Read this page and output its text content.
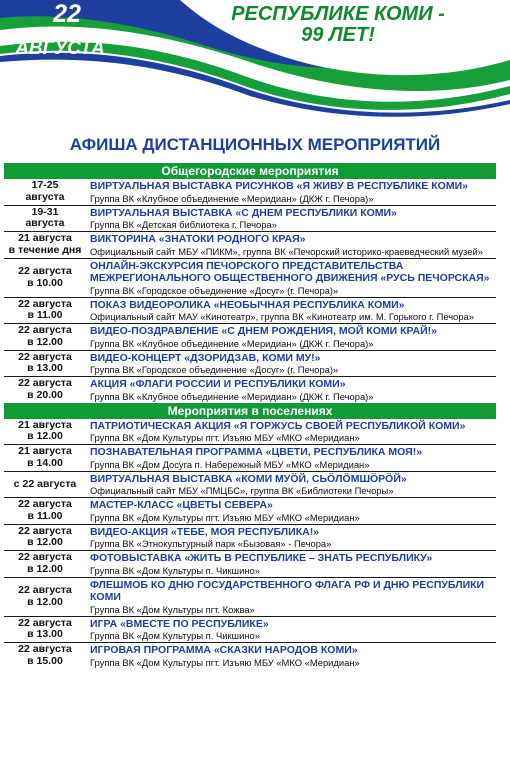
22
АВГУСТА
РЕСПУБЛИКЕ КОМИ -
99 ЛЕТ!
АФИША ДИСТАНЦИОННЫХ МЕРОПРИЯТИЙ
Общегородские мероприятия
17-25
августа
ВИРТУАЛЬНАЯ ВЫСТАВКА РИСУНКОВ «Я ЖИВУ В РЕСПУБЛИКЕ КОМИ»
Группа ВК «Клубное объединение «Меридиан» (ДКЖ г. Печора)»
19-31
августа
ВИРТУАЛЬНАЯ ВЫСТАВКА «С ДНЕМ РЕСПУБЛИКИ КОМИ»
Группа ВК «Детская библиотека г. Печора»
21 августа
в течение дня
ВИКТОРИНА «ЗНАТОКИ РОДНОГО КРАЯ»
Официальный сайт МБУ «ПИКМ», группа ВК «Печорский историко-краеведческий музей»
22 августа
в 10.00
ОНЛАЙН-ЭКСКУРСИЯ ПЕЧОРСКОГО ПРЕДСТАВИТЕЛЬСТВА МЕЖРЕГИОНАЛЬНОГО ОБЩЕСТВЕННОГО ДВИЖЕНИЯ «РУСЬ ПЕЧОРСКАЯ»
Группа ВК «Городское объединение «Досуг» (г. Печора)»
22 августа
в 11.00
ПОКАЗ ВИДЕОРОЛИКА «НЕОБЫЧНАЯ РЕСПУБЛИКА КОМИ»
Официальный сайт МАУ «Кинотеатр», группа ВК «Кинотеатр им. М. Горького г. Печора»
22 августа
в 12.00
ВИДЕО-ПОЗДРАВЛЕНИЕ «С ДНЕМ РОЖДЕНИЯ, МОЙ КОМИ КРАЙ!»
Группа ВК «Клубное объединение «Меридиан» (ДКЖ г. Печора)»
22 августа
в 13.00
ВИДЕО-КОНЦЕРТ «ДЗОРИДЗАВ, КОМИ МУ!»
Группа ВК «Городское объединение «Досуг» (г. Печора)»
22 августа
в 20.00
АКЦИЯ «ФЛАГИ РОССИИ И РЕСПУБЛИКИ КОМИ»
Группа ВК «Клубное объединение «Меридиан» (ДКЖ г. Печора)»
Мероприятия в поселениях
21 августа
в 12.00
ПАТРИОТИЧЕСКАЯ АКЦИЯ «Я ГОРЖУСЬ СВОЕЙ РЕСПУБЛИКОЙ КОМИ»
Группа ВК «Дом Культуры пгт. Изъяю МБУ «МКО «Меридиан»
21 августа
в 14.00
ПОЗНАВАТЕЛЬНАЯ ПРОГРАММА «ЦВЕТИ, РЕСПУБЛИКА МОЯ!»
Группа ВК «Дом Досуга п. Набережный МБУ «МКО «Меридиан»
с 22 августа	ВИРТУАЛЬНАЯ ВЫСТАВКА «КОМИ МУÖЙ, СЬÖЛÖМШÖРÖЙ»
Официальный сайт МБУ «ПМЦБС», группа ВК «Библиотеки Печоры»
22 августа
в 11.00
МАСТЕР-КЛАСС «ЦВЕТЫ СЕВЕРА»
Группа ВК «Дом Культуры пгт. Изъяю МБУ «МКО «Меридиан»
22 августа
в 12.00
ВИДЕО-АКЦИЯ «ТЕБЕ, МОЯ РЕСПУБЛИКА!»
Группа ВК «Этнокультурный парк «Бызовая» - Печора»
22 августа
в 12.00
ФОТОВЫСТАВКА «ЖИТЬ В РЕСПУБЛИКЕ – ЗНАТЬ РЕСПУБЛИКУ»
Группа ВК «Дом Культуры п. Чикшино»
22 августа
в 12.00
ФЛЕШМОБ КО ДНЮ ГОСУДАРСТВЕННОГО ФЛАГА РФ И ДНЮ РЕСПУБЛИКИ КОМИ
Группа ВК «Дом Культуры пгт. Кожва»
22 августа
в 13.00
ИГРА «ВМЕСТЕ ПО РЕСПУБЛИКЕ»
Группа ВК «Дом Культуры п. Чикшино»
22 августа
в 15.00
ИГРОВАЯ ПРОГРАММА «СКАЗКИ НАРОДОВ КОМИ»
Группа ВК «Дом Культуры пгт. Изъяю МБУ «МКО «Меридиан»
